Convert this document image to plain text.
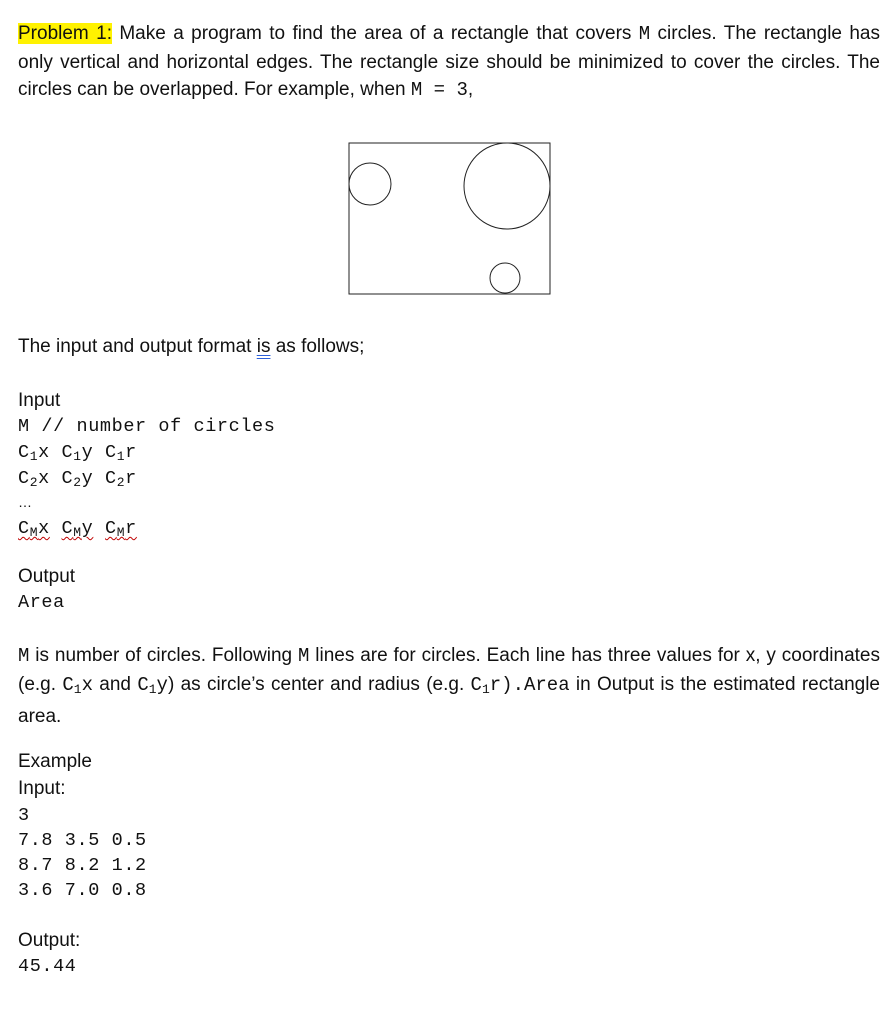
Problem 1: Make a program to find the area of a rectangle that covers M circles. The rectangle has only vertical and horizontal edges. The rectangle size should be minimized to cover the circles. The circles can be overlapped. For example, when M = 3,
The input and output format is as follows;
Input
M // number of circles
C1x C1y C1r
C2x C2y C2r
…
CMx CMy CMr
Output
Area
M is number of circles. Following M lines are for circles. Each line has three values for x, y coordinates (e.g. C1x and C1y) as circle’s center and radius (e.g. C1r).Area in Output is the estimated rectangle area.
Example
Input:
3
7.8 3.5 0.5
8.7 8.2 1.2
3.6 7.0 0.8
Output:
45.44
